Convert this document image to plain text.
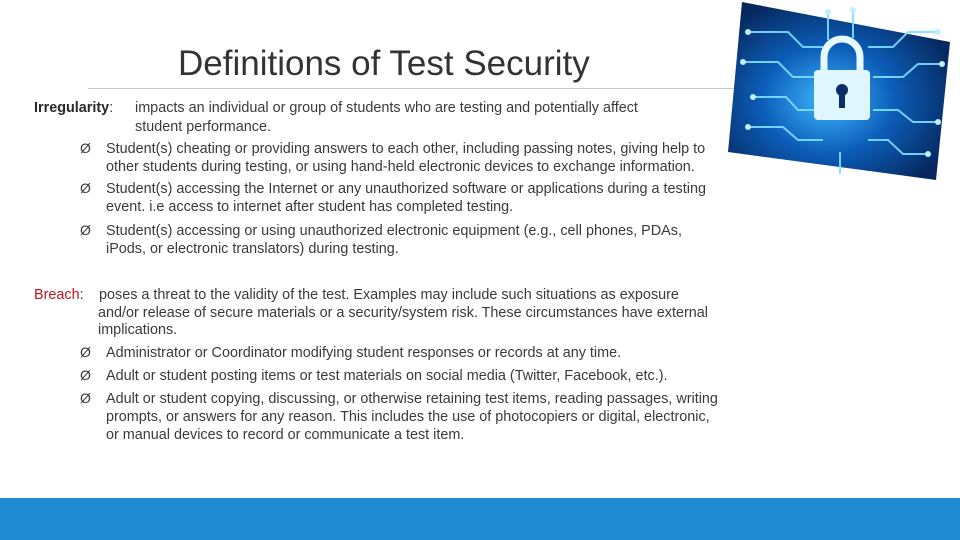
Definitions of Test Security
Irregularity: impacts an individual or group of students who are testing and potentially affect
student performance.
Ø Student(s) cheating or providing answers to each other, including passing notes, giving help to
other students during testing, or using hand-held electronic devices to exchange information.
Ø Student(s) accessing the Internet or any unauthorized software or applications during a testing
event. i.e access to internet after student has completed testing.
Ø Student(s) accessing or using unauthorized electronic equipment (e.g., cell phones, PDAs,
iPods, or electronic translators) during testing.
Breach: poses a threat to the validity of the test. Examples may include such situations as exposure
and/or release of secure materials or a security/system risk. These circumstances have external
implications.
Ø Administrator or Coordinator modifying student responses or records at any time.
Ø Adult or student posting items or test materials on social media (Twitter, Facebook, etc.).
Ø Adult or student copying, discussing, or otherwise retaining test items, reading passages, writing
prompts, or answers for any reason. This includes the use of photocopiers or digital, electronic,
or manual devices to record or communicate a test item.
